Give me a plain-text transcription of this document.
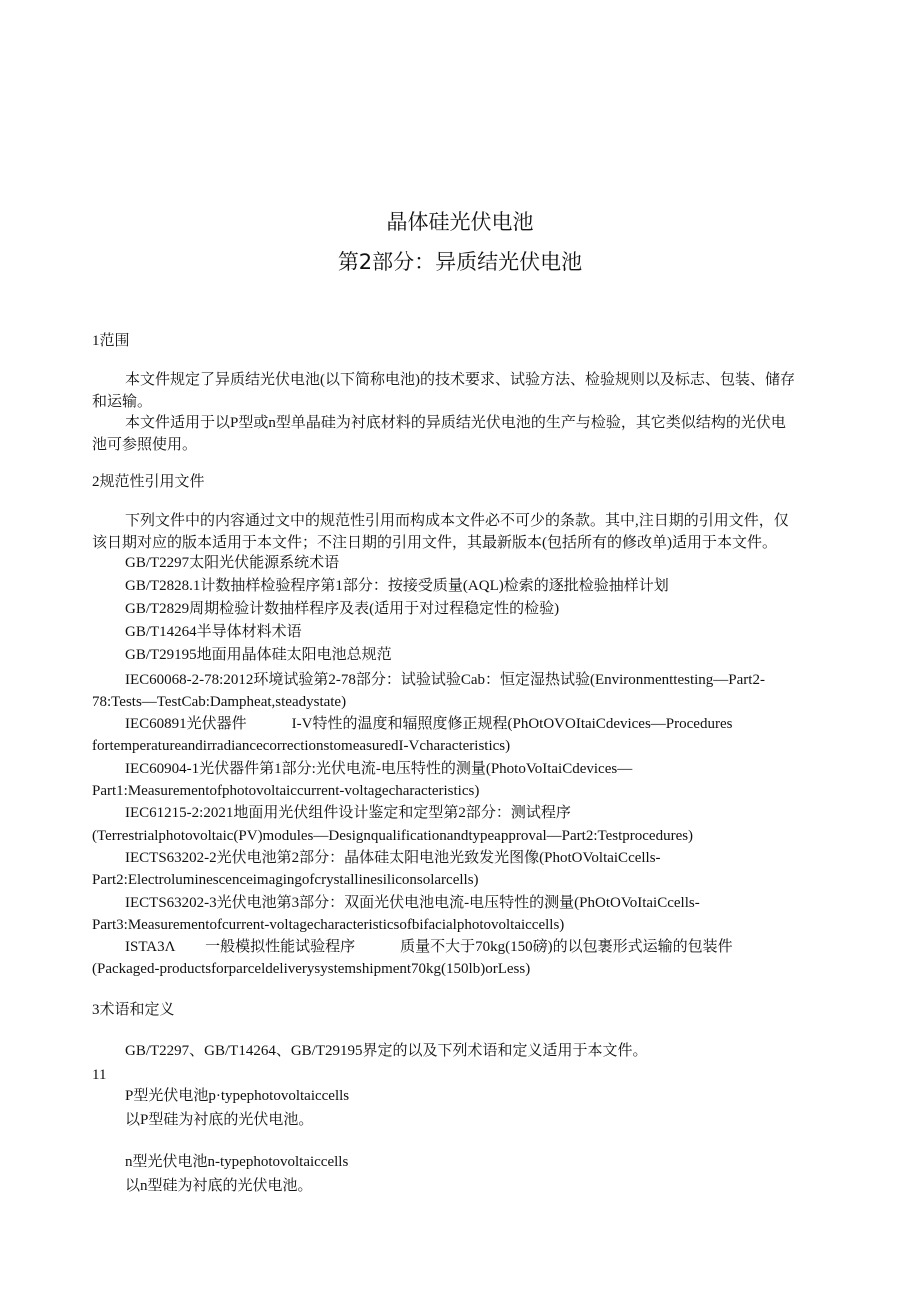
晶体硅光伏电池
第2部分：异质结光伏电池
1范围
本文件规定了异质结光伏电池(以下简称电池)的技术要求、试验方法、检验规则以及标志、包装、储存
和运输。
本文件适用于以P型或n型单晶硅为衬底材料的异质结光伏电池的生产与检验，其它类似结构的光伏电
池可参照使用。
2规范性引用文件
下列文件中的内容通过文中的规范性引用而构成本文件必不可少的条款。其中,注日期的引用文件，仅
该日期对应的版本适用于本文件；不注日期的引用文件，其最新版本(包括所有的修改单)适用于本文件。
GB/T2297太阳光伏能源系统术语
GB/T2828.1计数抽样检验程序第1部分：按接受质量(AQL)检索的逐批检验抽样计划
GB/T2829周期检验计数抽样程序及表(适用于对过程稳定性的检验)
GB/T14264半导体材料术语
GB/T29195地面用晶体硅太阳电池总规范
IEC60068-2-78:2012环境试验第2-78部分：试验试验Cab：恒定湿热试验(Environmenttesting—Part2-
78:Tests—TestCab:Dampheat,steadystate)
IEC60891光伏器件　　　I-V特性的温度和辐照度修正规程(PhOtOVOItaiCdevices—Procedures
fortemperatureandirradiancecorrectionstomeasuredI-Vcharacteristics)
IEC60904-1光伏器件第1部分:光伏电流-电压特性的测量(PhotoVoItaiCdevices—
Part1:Measurementofphotovoltaiccurrent-voltagecharacteristics)
IEC61215-2:2021地面用光伏组件设计鉴定和定型第2部分：测试程序
(Terrestrialphotovoltaic(PV)modules—Designqualificationandtypeapproval—Part2:Testprocedures)
IECTS63202-2光伏电池第2部分：晶体硅太阳电池光致发光图像(PhotOVoltaiCcells-
Part2:Electroluminescenceimagingofcrystallinesiliconsolarcells)
IECTS63202-3光伏电池第3部分：双面光伏电池电流-电压特性的测量(PhOtOVoItaiCcells-
Part3:Measurementofcurrent-voltagecharacteristicsofbifacialphotovoltaiccells)
ISTA3Λ　　一般模拟性能试验程序　　　质量不大于70kg(150磅)的以包裹形式运输的包装件
(Packaged-productsforparceldeliverysystemshipment70kg(150lb)orLess)
3术语和定义
GB/T2297、GB/T14264、GB/T29195界定的以及下列术语和定义适用于本文件。
11
P型光伏电池p·typephotovoltaiccells
以P型硅为衬底的光伏电池。
n型光伏电池n-typephotovoltaiccells
以n型硅为衬底的光伏电池。
